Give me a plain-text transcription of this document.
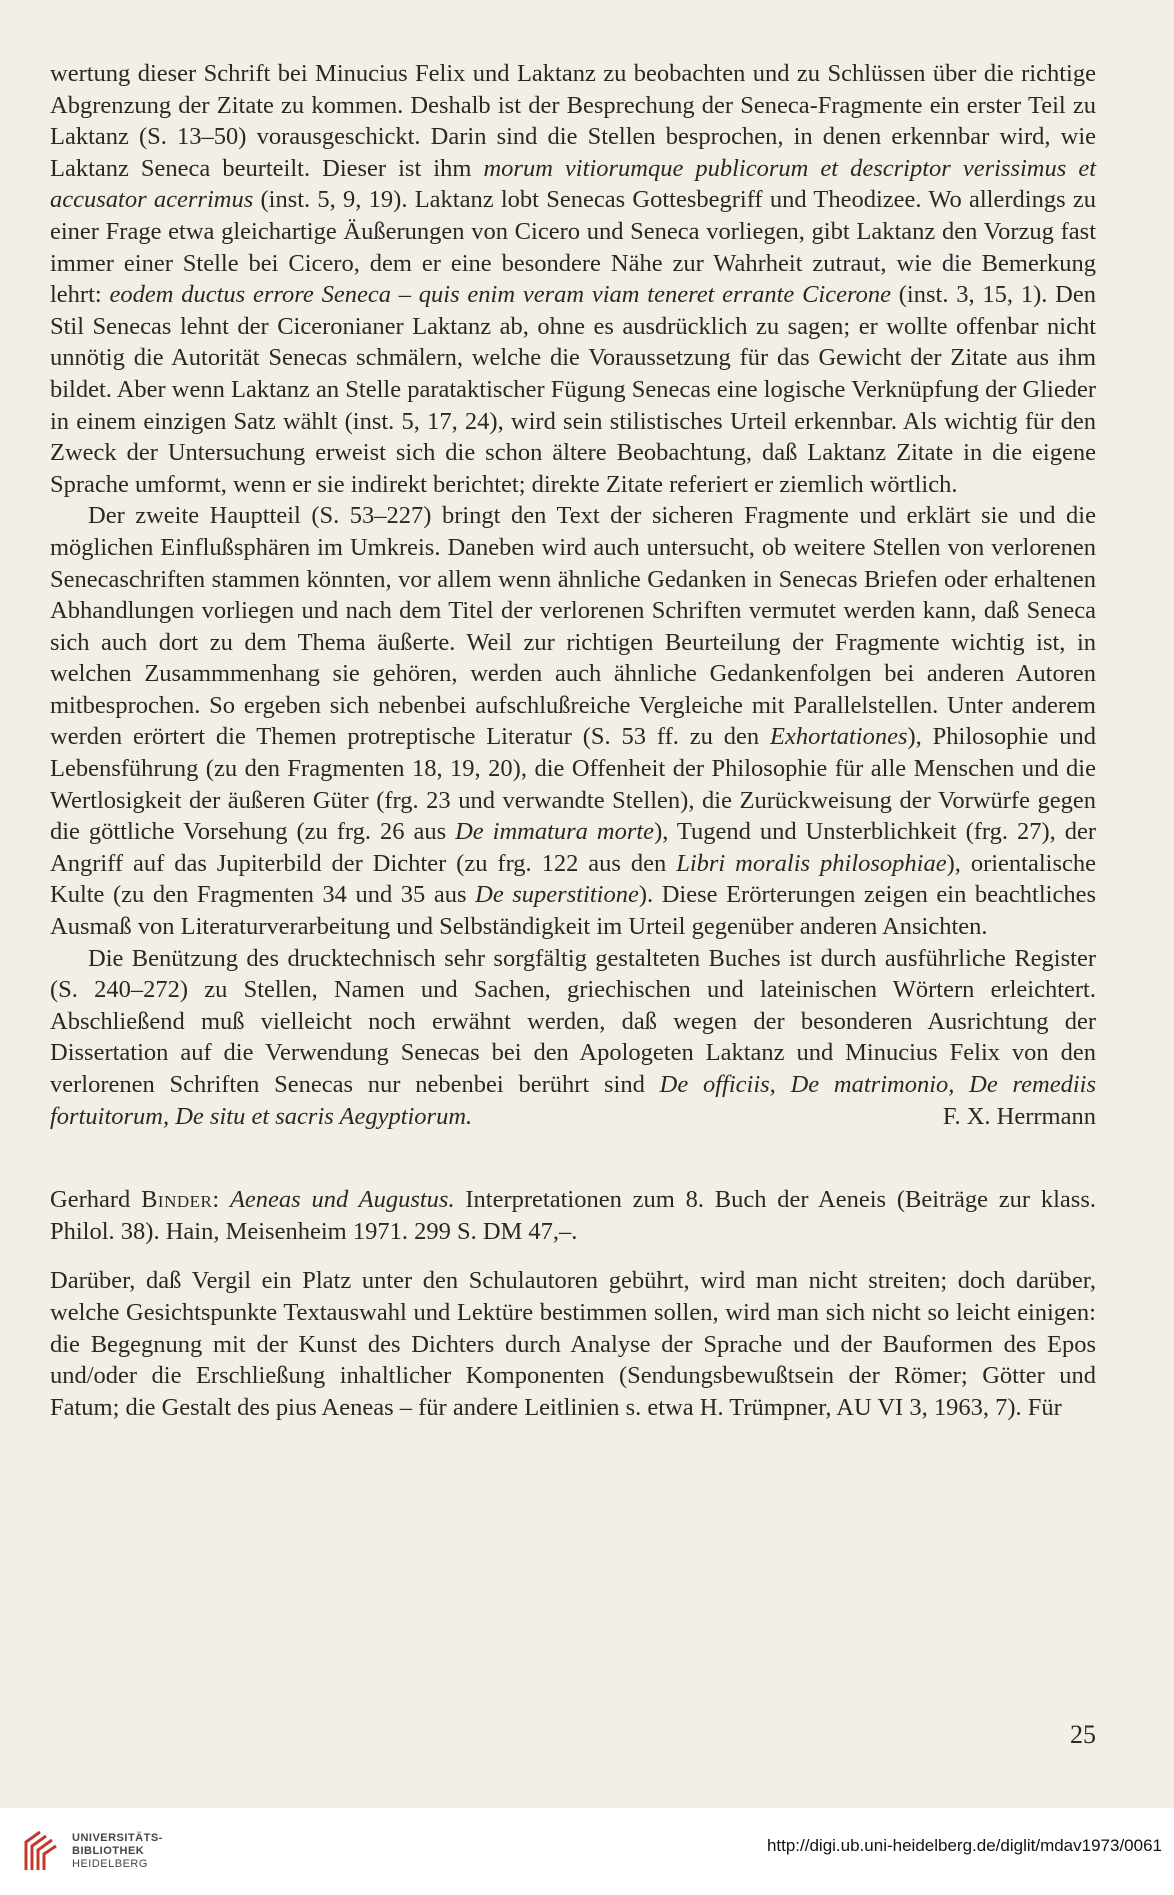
wertung dieser Schrift bei Minucius Felix und Laktanz zu beobachten und zu Schlüssen über die richtige Abgrenzung der Zitate zu kommen. Deshalb ist der Besprechung der Seneca-Fragmente ein erster Teil zu Laktanz (S. 13–50) vorausgeschickt. Darin sind die Stellen besprochen, in denen erkennbar wird, wie Laktanz Seneca beurteilt. Dieser ist ihm morum vitiorumque publicorum et descriptor verissimus et accusator acerrimus (inst. 5, 9, 19). Laktanz lobt Senecas Gottesbegriff und Theodizee. Wo allerdings zu einer Frage etwa gleichartige Äußerungen von Cicero und Seneca vorliegen, gibt Laktanz den Vorzug fast immer einer Stelle bei Cicero, dem er eine besondere Nähe zur Wahrheit zutraut, wie die Bemerkung lehrt: eodem ductus errore Seneca – quis enim veram viam teneret errante Cicerone (inst. 3, 15, 1). Den Stil Senecas lehnt der Ciceronianer Laktanz ab, ohne es ausdrücklich zu sagen; er wollte offenbar nicht unnötig die Autorität Senecas schmälern, welche die Voraussetzung für das Gewicht der Zitate aus ihm bildet. Aber wenn Laktanz an Stelle parataktischer Fügung Senecas eine logische Verknüpfung der Glieder in einem einzigen Satz wählt (inst. 5, 17, 24), wird sein stilistisches Urteil erkennbar. Als wichtig für den Zweck der Untersuchung erweist sich die schon ältere Beobachtung, daß Laktanz Zitate in die eigene Sprache umformt, wenn er sie indirekt berichtet; direkte Zitate referiert er ziemlich wörtlich.

Der zweite Hauptteil (S. 53–227) bringt den Text der sicheren Fragmente und erklärt sie und die möglichen Einflußsphären im Umkreis. Daneben wird auch untersucht, ob weitere Stellen von verlorenen Senecaschriften stammen könnten, vor allem wenn ähnliche Gedanken in Senecas Briefen oder erhaltenen Abhandlungen vorliegen und nach dem Titel der verlorenen Schriften vermutet werden kann, daß Seneca sich auch dort zu dem Thema äußerte. Weil zur richtigen Beurteilung der Fragmente wichtig ist, in welchen Zusammmenhang sie gehören, werden auch ähnliche Gedankenfolgen bei anderen Autoren mitbesprochen. So ergeben sich nebenbei aufschlußreiche Vergleiche mit Parallelstellen. Unter anderem werden erörtert die Themen protreptische Literatur (S. 53 ff. zu den Exhortationes), Philosophie und Lebensführung (zu den Fragmenten 18, 19, 20), die Offenheit der Philosophie für alle Menschen und die Wertlosigkeit der äußeren Güter (frg. 23 und verwandte Stellen), die Zurückweisung der Vorwürfe gegen die göttliche Vorsehung (zu frg. 26 aus De immatura morte), Tugend und Unsterblichkeit (frg. 27), der Angriff auf das Jupiterbild der Dichter (zu frg. 122 aus den Libri moralis philosophiae), orientalische Kulte (zu den Fragmenten 34 und 35 aus De superstitione). Diese Erörterungen zeigen ein beachtliches Ausmaß von Literaturverarbeitung und Selbständigkeit im Urteil gegenüber anderen Ansichten.

Die Benützung des drucktechnisch sehr sorgfältig gestalteten Buches ist durch ausführliche Register (S. 240–272) zu Stellen, Namen und Sachen, griechischen und lateinischen Wörtern erleichtert. Abschließend muß vielleicht noch erwähnt werden, daß wegen der besonderen Ausrichtung der Dissertation auf die Verwendung Senecas bei den Apologeten Laktanz und Minucius Felix von den verlorenen Schriften Senecas nur nebenbei berührt sind De officiis, De matrimonio, De remediis fortuitorum, De situ et sacris Aegyptiorum.	F. X. Herrmann

Gerhard Binder: Aeneas und Augustus. Interpretationen zum 8. Buch der Aeneis (Beiträge zur klass. Philol. 38). Hain, Meisenheim 1971. 299 S. DM 47,–.

Darüber, daß Vergil ein Platz unter den Schulautoren gebührt, wird man nicht streiten; doch darüber, welche Gesichtspunkte Textauswahl und Lektüre bestimmen sollen, wird man sich nicht so leicht einigen: die Begegnung mit der Kunst des Dichters durch Analyse der Sprache und der Bauformen des Epos und/oder die Erschließung inhaltlicher Komponenten (Sendungsbewußtsein der Römer; Götter und Fatum; die Gestalt des pius Aeneas – für andere Leitlinien s. etwa H. Trümpner, AU VI 3, 1963, 7). Für

25
UNIVERSITÄTS-
BIBLIOTHEK
HEIDELBERG
http://digi.ub.uni-heidelberg.de/diglit/mdav1973/0061
